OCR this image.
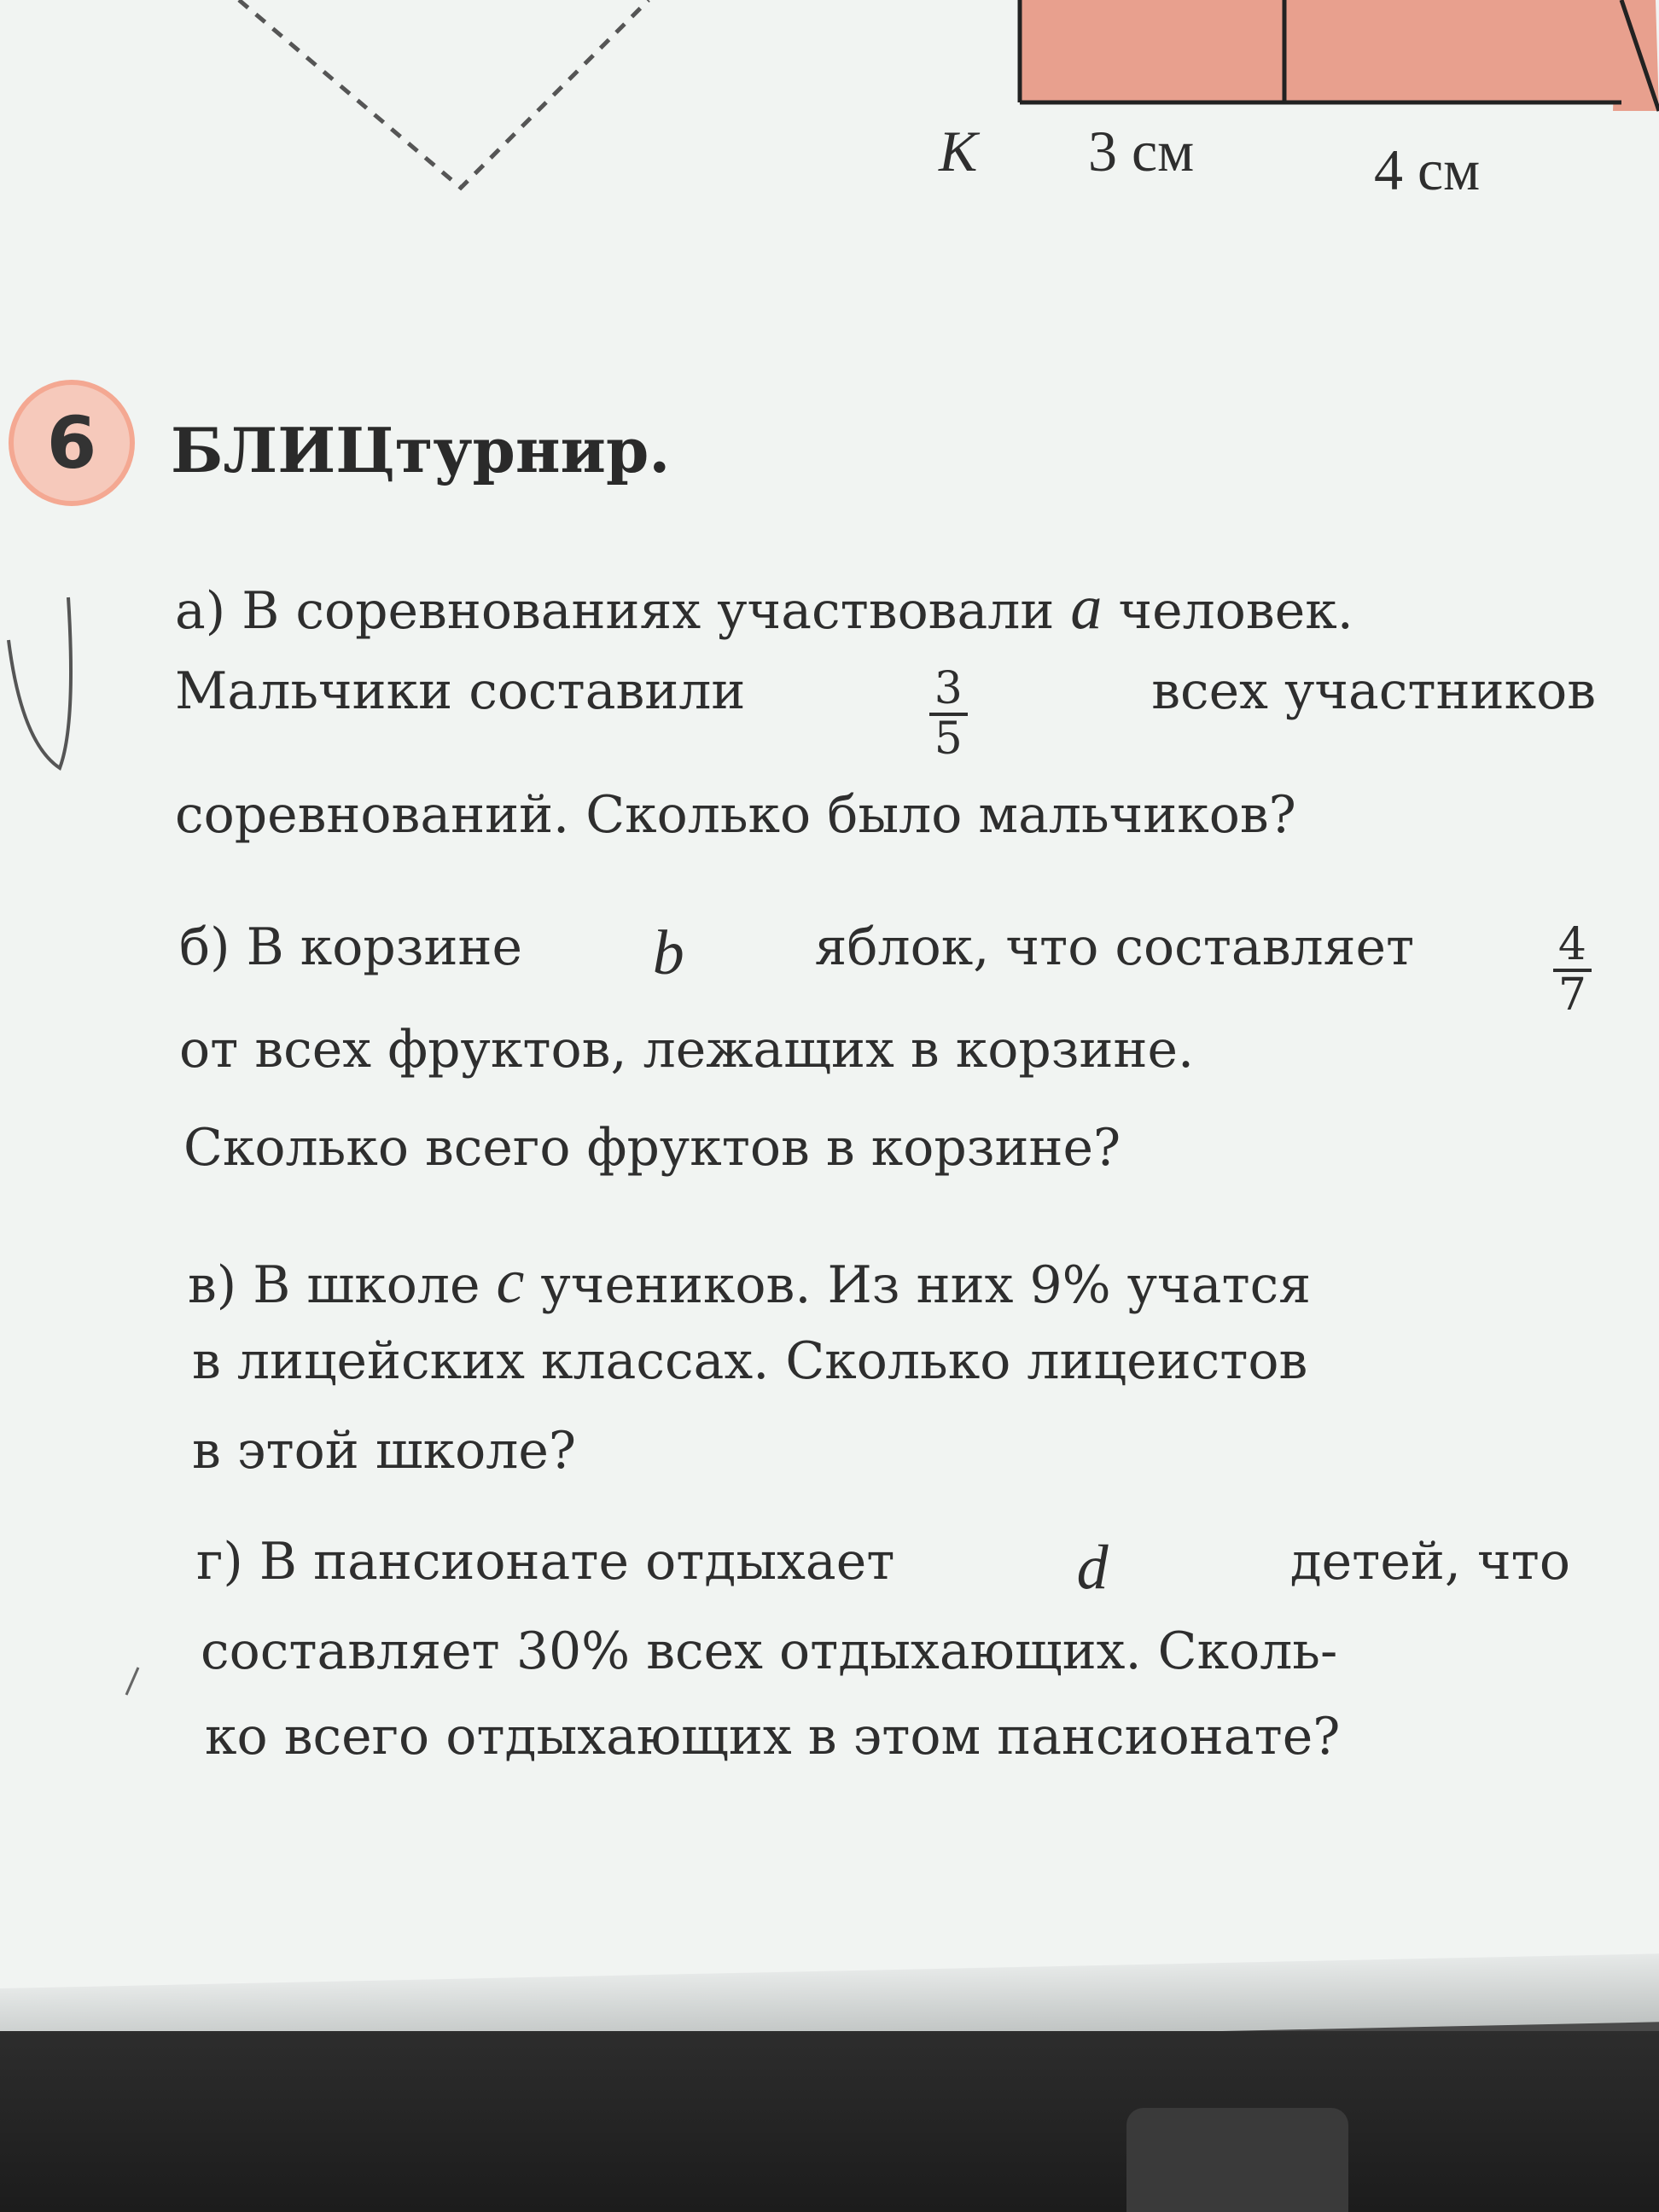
K 3 см	4 см
6	БЛИЦтурнир.
а) В соревнованиях участвовали a человек.
Мальчики составили	$\frac{3}{5}$	всех участников
соревнований. Сколько было мальчиков?
б) В корзине b	яблок, что составляет	$\frac{4}{7}$
от всех фруктов, лежащих в корзине.
Сколько всего фруктов в корзине?
в) В школе c учеников. Из них 9% учатся
в лицейских классах. Сколько лицеистов
в этой школе?
г) В пансионате отдыхает	d	детей, что
составляет 30% всех отдыхающих. Сколь-
ко всего отдыхающих в этом пансионате?
